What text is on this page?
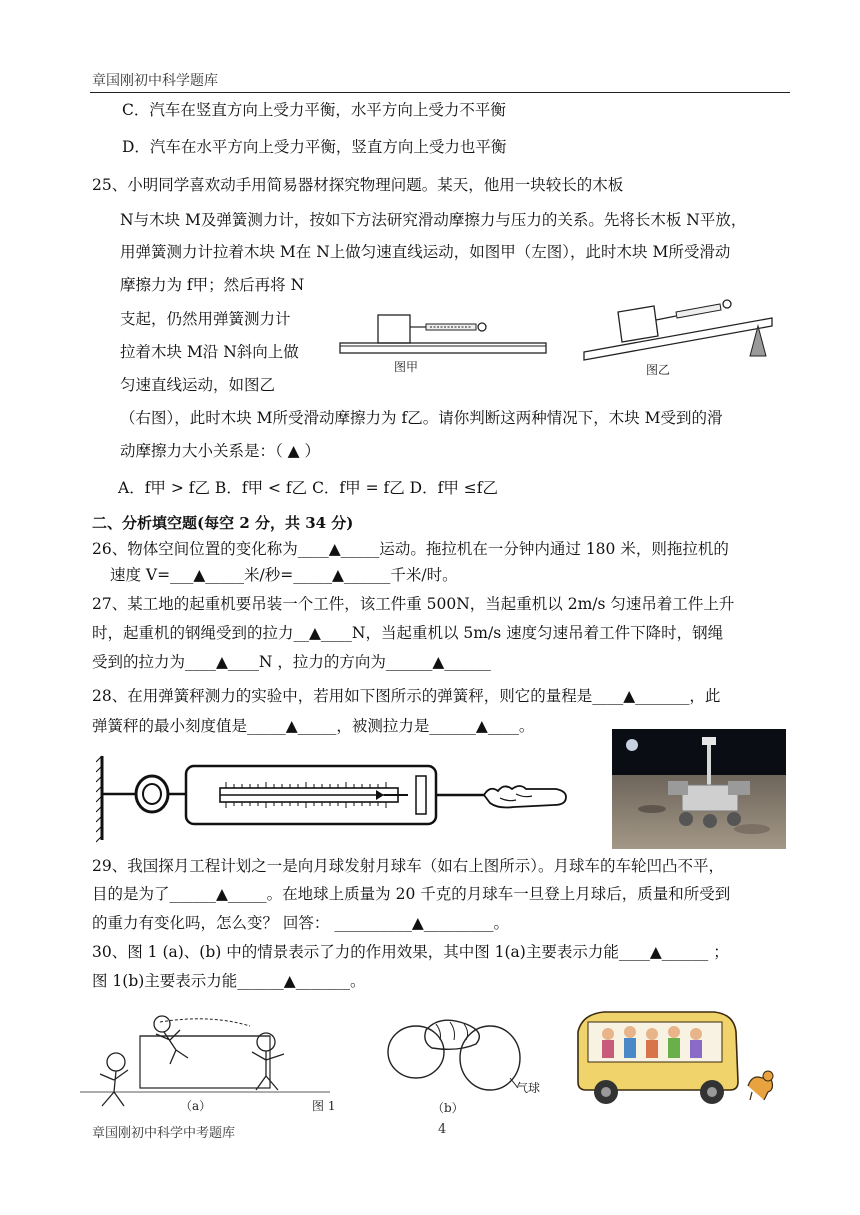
章国刚初中科学题库
C．汽车在竖直方向上受力平衡，水平方向上受力不平衡
D．汽车在水平方向上受力平衡，竖直方向上受力也平衡
25、小明同学喜欢动手用简易器材探究物理问题。某天，他用一块较长的木板
N与木块 M及弹簧测力计，按如下方法研究滑动摩擦力与压力的关系。先将长木板 N平放，
用弹簧测力计拉着木块 M在 N上做匀速直线运动，如图甲（左图），此时木块 M所受滑动
摩擦力为 f甲；然后再将 N
支起，仍然用弹簧测力计
拉着木块 M沿 N斜向上做
匀速直线运动，如图乙
（右图），此时木块 M所受滑动摩擦力为 f乙。请你判断这两种情况下，木块 M受到的滑
动摩擦力大小关系是：（ ▲ ）
A．f甲 > f乙 B．f甲 < f乙 C．f甲 = f乙 D．f甲 ≤f乙
二、分析填空题(每空 2 分，共 34 分)
26、物体空间位置的变化称为____▲_____运动。拖拉机在一分钟内通过 180 米，则拖拉机的
速度 V=___▲_____米/秒=_____▲______千米/时。
27、某工地的起重机要吊装一个工件，该工件重 500N，当起重机以 2m/s 匀速吊着工件上升
时，起重机的钢绳受到的拉力__▲____N，当起重机以 5m/s 速度匀速吊着工件下降时，钢绳
受到的拉力为____▲____N ，拉力的方向为______▲______
28、在用弹簧秤测力的实验中，若用如下图所示的弹簧秤，则它的量程是____▲_______，此
弹簧秤的最小刻度值是_____▲_____，被测拉力是______▲____。
29、我国探月工程计划之一是向月球发射月球车（如右上图所示）。月球车的车轮凹凸不平，
目的是为了______▲_____。在地球上质量为 20 千克的月球车一旦登上月球后，质量和所受到
的重力有变化吗，怎么变？ 回答： __________▲_________。
30、图 1 (a)、(b) 中的情景表示了力的作用效果，其中图 1(a)主要表示力能____▲______ ；
图 1(b)主要表示力能______▲_______。
图甲	图乙
（a）	图 1
气球
（b）
章国刚初中科学中考题库	4
